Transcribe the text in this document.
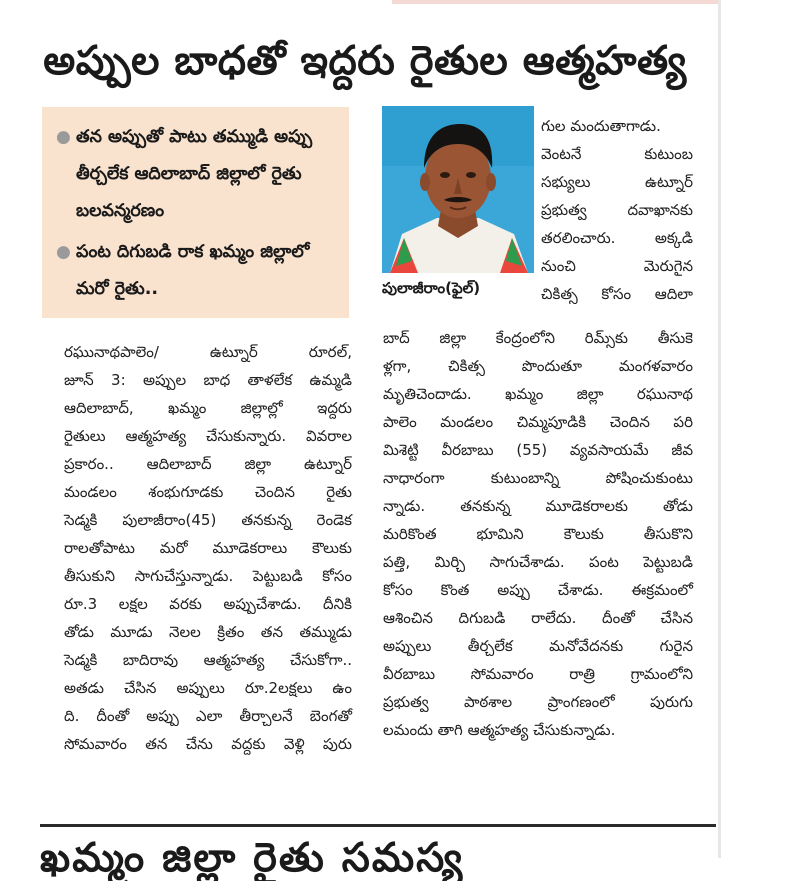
అప్పుల బాధతో ఇద్దరు రైతుల ఆత్మహత్య
● తన అప్పుతో పాటు తమ్ముడి అప్పు తీర్చలేక ఆదిలాబాద్ జిల్లాలో రైతు బలవన్మరణం
● పంట దిగుబడి రాక ఖమ్మం జిల్లాలో మరో రైతు..	పులాజీరాం(ఫైల్)
రఘునాథపాలెం/ ఉట్నూర్ రూరల్,
జూన్ 3: అప్పుల బాధ తాళలేక ఉమ్మడి
ఆదిలాబాద్, ఖమ్మం జిల్లాల్లో ఇద్దరు
రైతులు ఆత్మహత్య చేసుకున్నారు. వివరాల
ప్రకారం.. ఆదిలాబాద్ జిల్లా ఉట్నూర్
మండలం శంభుగూడకు చెందిన రైతు
సెడ్మకి పులాజీరాం(45) తనకున్న రెండెక
రాలతోపాటు మరో మూడెకరాలు కౌలుకు
తీసుకుని సాగుచేస్తున్నాడు. పెట్టుబడి కోసం
రూ.3 లక్షల వరకు అప్పుచేశాడు. దీనికి
తోడు మూడు నెలల క్రితం తన తమ్ముడు
సెడ్మకి బాదిరావు ఆత్మహత్య చేసుకోగా..
అతడు చేసిన అప్పులు రూ.2లక్షలు ఉం
ది. దీంతో అప్పు ఎలా తీర్చాలనే బెంగతో
సోమవారం తన చేను వద్దకు వెళ్లి పురు
గుల మందుతాగాడు.
వెంటనే కుటుంబ
సభ్యులు ఉట్నూర్
ప్రభుత్వ దవాఖానకు
తరలించారు. అక్కడి
నుంచి మెరుగైన
చికిత్స కోసం ఆదిలా
బాద్ జిల్లా కేంద్రంలోని రిమ్స్‌కు తీసుకె
ళ్లగా, చికిత్స పొందుతూ మంగళవారం
మృతిచెందాడు. ఖమ్మం జిల్లా రఘునాథ
పాలెం మండలం చిమ్మపూడికి చెందిన పరి
మిశెట్టి వీరబాబు (55) వ్యవసాయమే జీవ
నాధారంగా కుటుంబాన్ని పోషించుకుంటు
న్నాడు. తనకున్న మూడెకరాలకు తోడు
మరికొంత భూమిని కౌలుకు తీసుకొని
పత్తి, మిర్చి సాగుచేశాడు. పంట పెట్టుబడి
కోసం కొంత అప్పు చేశాడు. ఈక్రమంలో
ఆశించిన దిగుబడి రాలేదు. దీంతో చేసిన
అప్పులు తీర్చలేక మనోవేదనకు గురైన
వీరబాబు సోమవారం రాత్రి గ్రామంలోని
ప్రభుత్వ పాఠశాల ప్రాంగణంలో పురుగు
లమందు తాగి ఆత్మహత్య చేసుకున్నాడు.
ఖమ్మం జిల్లా రైతు సమస్య
